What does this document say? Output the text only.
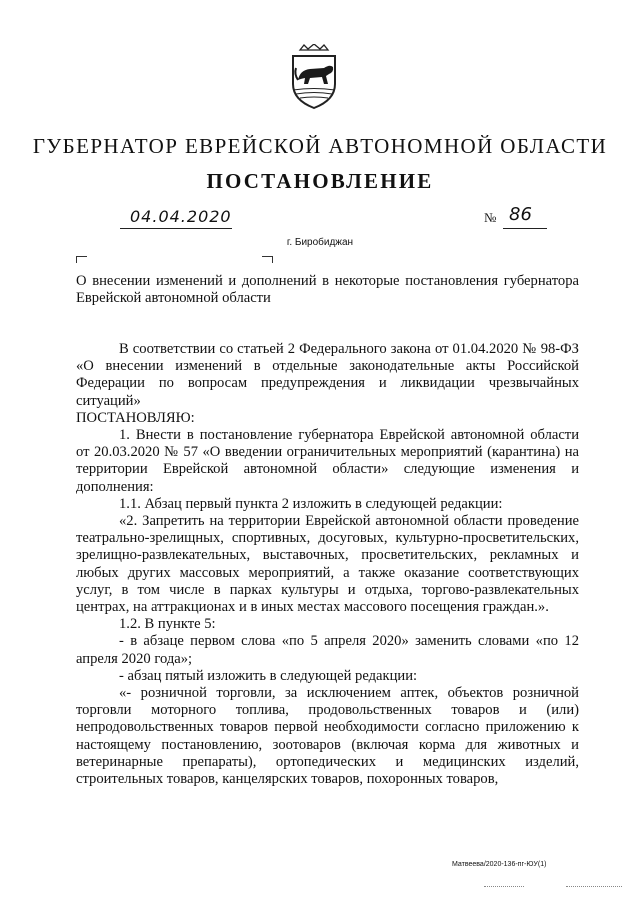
ГУБЕРНАТОР ЕВРЕЙСКОЙ АВТОНОМНОЙ ОБЛАСТИ
ПОСТАНОВЛЕНИЕ
04.04.2020	№ 86
г. Биробиджан
О внесении изменений и дополнений в некоторые постановления губернатора Еврейской автономной области

В соответствии со статьей 2 Федерального закона от 01.04.2020 № 98-ФЗ «О внесении изменений в отдельные законодательные акты Российской Федерации по вопросам предупреждения и ликвидации чрезвычайных ситуаций»

ПОСТАНОВЛЯЮ:

1. Внести в постановление губернатора Еврейской автономной области от 20.03.2020 № 57 «О введении ограничительных мероприятий (карантина) на территории Еврейской автономной области» следующие изменения и дополнения:

1.1. Абзац первый пункта 2 изложить в следующей редакции:

«2. Запретить на территории Еврейской автономной области проведение театрально-зрелищных, спортивных, досуговых, культурно-просветительских, зрелищно-развлекательных, выставочных, просветительских, рекламных и любых других массовых мероприятий, а также оказание соответствующих услуг, в том числе в парках культуры и отдыха, торгово-развлекательных центрах, на аттракционах и в иных местах массового посещения граждан.».

1.2. В пункте 5:

- в абзаце первом слова «по 5 апреля 2020» заменить словами «по 12 апреля 2020 года»;

- абзац пятый изложить в следующей редакции:

«- розничной торговли, за исключением аптек, объектов розничной торговли моторного топлива, продовольственных товаров и (или) непродовольственных товаров первой необходимости согласно приложению к настоящему постановлению, зоотоваров (включая корма для животных и ветеринарные препараты), ортопедических и медицинских изделий, строительных товаров, канцелярских товаров, похоронных товаров,

Матвеева/2020-136-пг-ЮУ(1)
